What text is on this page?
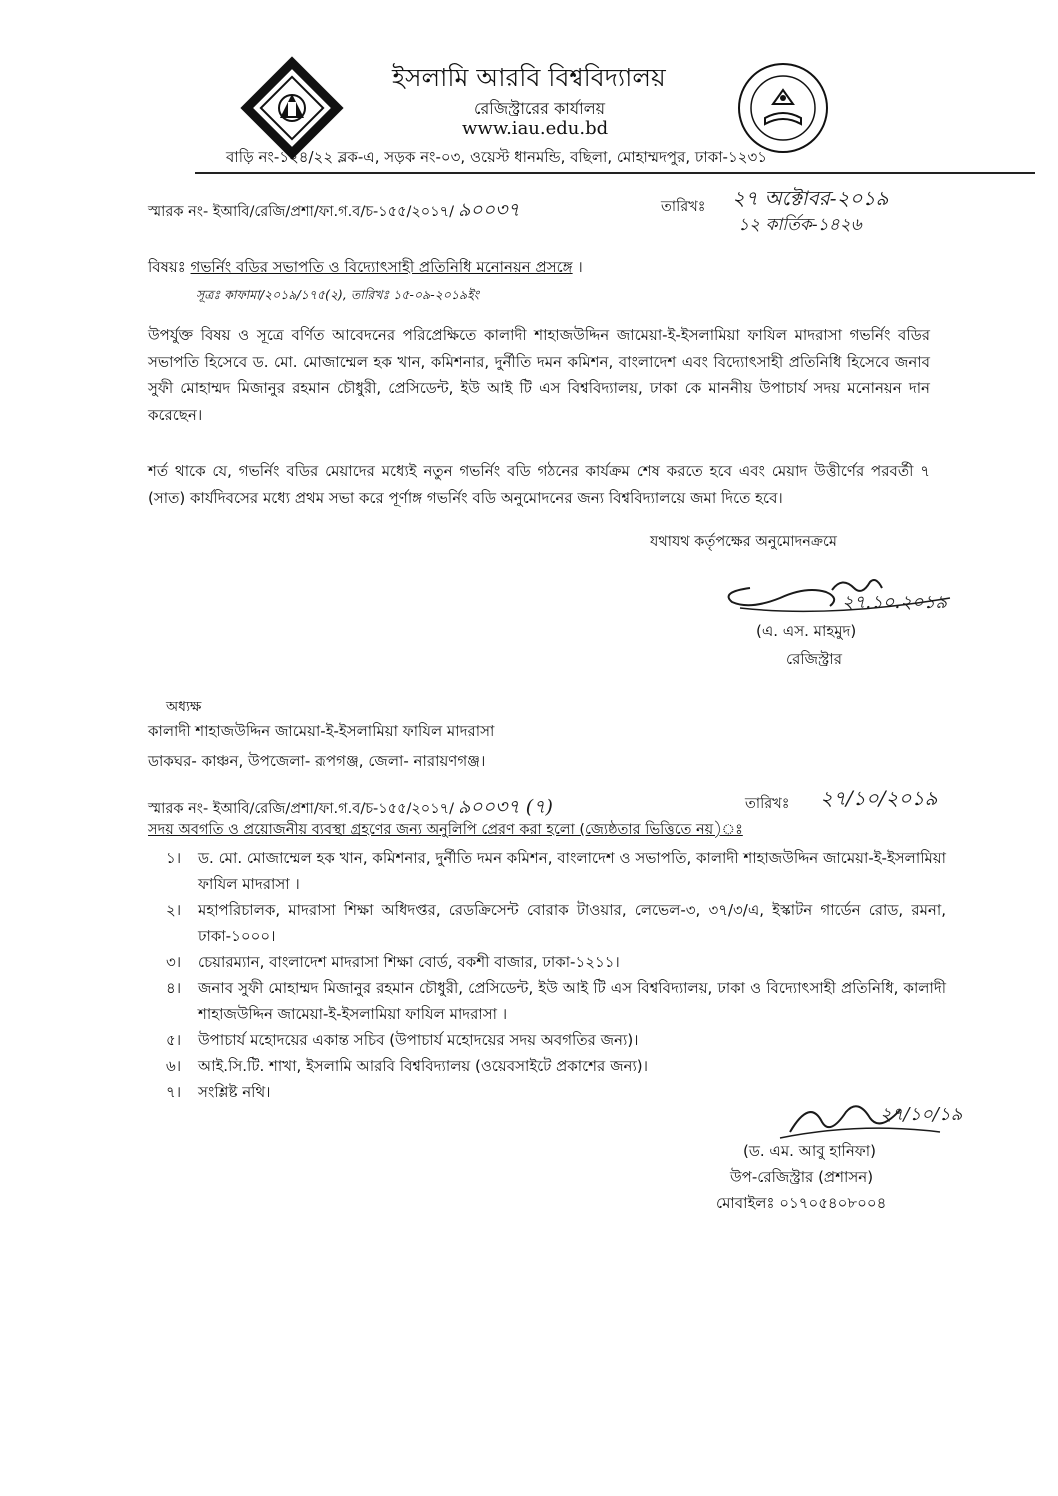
ইসলামি আরবি বিশ্ববিদ্যালয়
রেজিস্ট্রারের কার্যালয়
www.iau.edu.bd
বাড়ি নং-১২৪/২২ ব্লক-এ, সড়ক নং-০৩, ওয়েস্ট ধানমন্ডি, বছিলা, মোহাম্মদপুর, ঢাকা-১২৩১
স্মারক নং- ইআবি/রেজি/প্রশা/ফা.গ.ব/চ-১৫৫/২০১৭/ ৯০০৩৭	তারিখঃ ২৭ অক্টোবর-২০১৯
১২ কার্তিক-১৪২৬
বিষয়ঃ গভর্নিং বডির সভাপতি ও বিদ্যোৎসাহী প্রতিনিধি মনোনয়ন প্রসঙ্গে ।
সূত্রঃ কাফামা/২০১৯/১৭৫(২), তারিখঃ ১৫-০৯-২০১৯ইং
উপর্যুক্ত বিষয় ও সূত্রে বর্ণিত আবেদনের পরিপ্রেক্ষিতে কালাদী শাহাজউদ্দিন জামেয়া-ই-ইসলামিয়া ফাযিল মাদরাসা গভর্নিং বডির সভাপতি হিসেবে ড. মো. মোজাম্মেল হক খান, কমিশনার, দুর্নীতি দমন কমিশন, বাংলাদেশ এবং বিদ্যোৎসাহী প্রতিনিধি হিসেবে জনাব সুফী মোহাম্মদ মিজানুর রহমান চৌধুরী, প্রেসিডেন্ট, ইউ আই টি এস বিশ্ববিদ্যালয়, ঢাকা কে মাননীয় উপাচার্য সদয় মনোনয়ন দান করেছেন।
শর্ত থাকে যে, গভর্নিং বডির মেয়াদের মধ্যেই নতুন গভর্নিং বডি গঠনের কার্যক্রম শেষ করতে হবে এবং মেয়াদ উত্তীর্ণের পরবর্তী ৭ (সাত) কার্যদিবসের মধ্যে প্রথম সভা করে পূর্ণাঙ্গ গভর্নিং বডি অনুমোদনের জন্য বিশ্ববিদ্যালয়ে জমা দিতে হবে।
যথাযথ কর্তৃপক্ষের অনুমোদনক্রমে
২৭.১০.২০১৯
(এ. এস. মাহমুদ)
রেজিস্ট্রার
অধ্যক্ষ
কালাদী শাহাজউদ্দিন জামেয়া-ই-ইসলামিয়া ফাযিল মাদরাসা
ডাকঘর- কাঞ্চন, উপজেলা- রূপগঞ্জ, জেলা- নারায়ণগঞ্জ।
স্মারক নং- ইআবি/রেজি/প্রশা/ফা.গ.ব/চ-১৫৫/২০১৭/ ৯০০৩৭ (৭)	তারিখঃ ২৭/১০/২০১৯
সদয় অবগতি ও প্রয়োজনীয় ব্যবস্থা গ্রহণের জন্য অনুলিপি প্রেরণ করা হলো (জ্যেষ্ঠতার ভিত্তিতে নয়)ঃ
১।	ড. মো. মোজাম্মেল হক খান, কমিশনার, দুর্নীতি দমন কমিশন, বাংলাদেশ ও সভাপতি, কালাদী শাহাজউদ্দিন জামেয়া-ই-ইসলামিয়া ফাযিল মাদরাসা ।
২।	মহাপরিচালক, মাদরাসা শিক্ষা অধিদপ্তর, রেডক্রিসেন্ট বোরাক টাওয়ার, লেভেল-৩, ৩৭/৩/এ, ইস্কাটন গার্ডেন রোড, রমনা, ঢাকা-১০০০।
৩।	চেয়ারম্যান, বাংলাদেশ মাদরাসা শিক্ষা বোর্ড, বকশী বাজার, ঢাকা-১২১১।
৪।	জনাব সুফী মোহাম্মদ মিজানুর রহমান চৌধুরী, প্রেসিডেন্ট, ইউ আই টি এস বিশ্ববিদ্যালয়, ঢাকা ও বিদ্যোৎসাহী প্রতিনিধি, কালাদী শাহাজউদ্দিন জামেয়া-ই-ইসলামিয়া ফাযিল মাদরাসা ।
৫।	উপাচার্য মহোদয়ের একান্ত সচিব (উপাচার্য মহোদয়ের সদয় অবগতির জন্য)।
৬।	আই.সি.টি. শাখা, ইসলামি আরবি বিশ্ববিদ্যালয় (ওয়েবসাইটে প্রকাশের জন্য)।
৭।	সংশ্লিষ্ট নথি।
২৭/১০/১৯
(ড. এম. আবু হানিফা)
উপ-রেজিস্ট্রার (প্রশাসন)
মোবাইলঃ ০১৭০৫৪০৮০০৪
